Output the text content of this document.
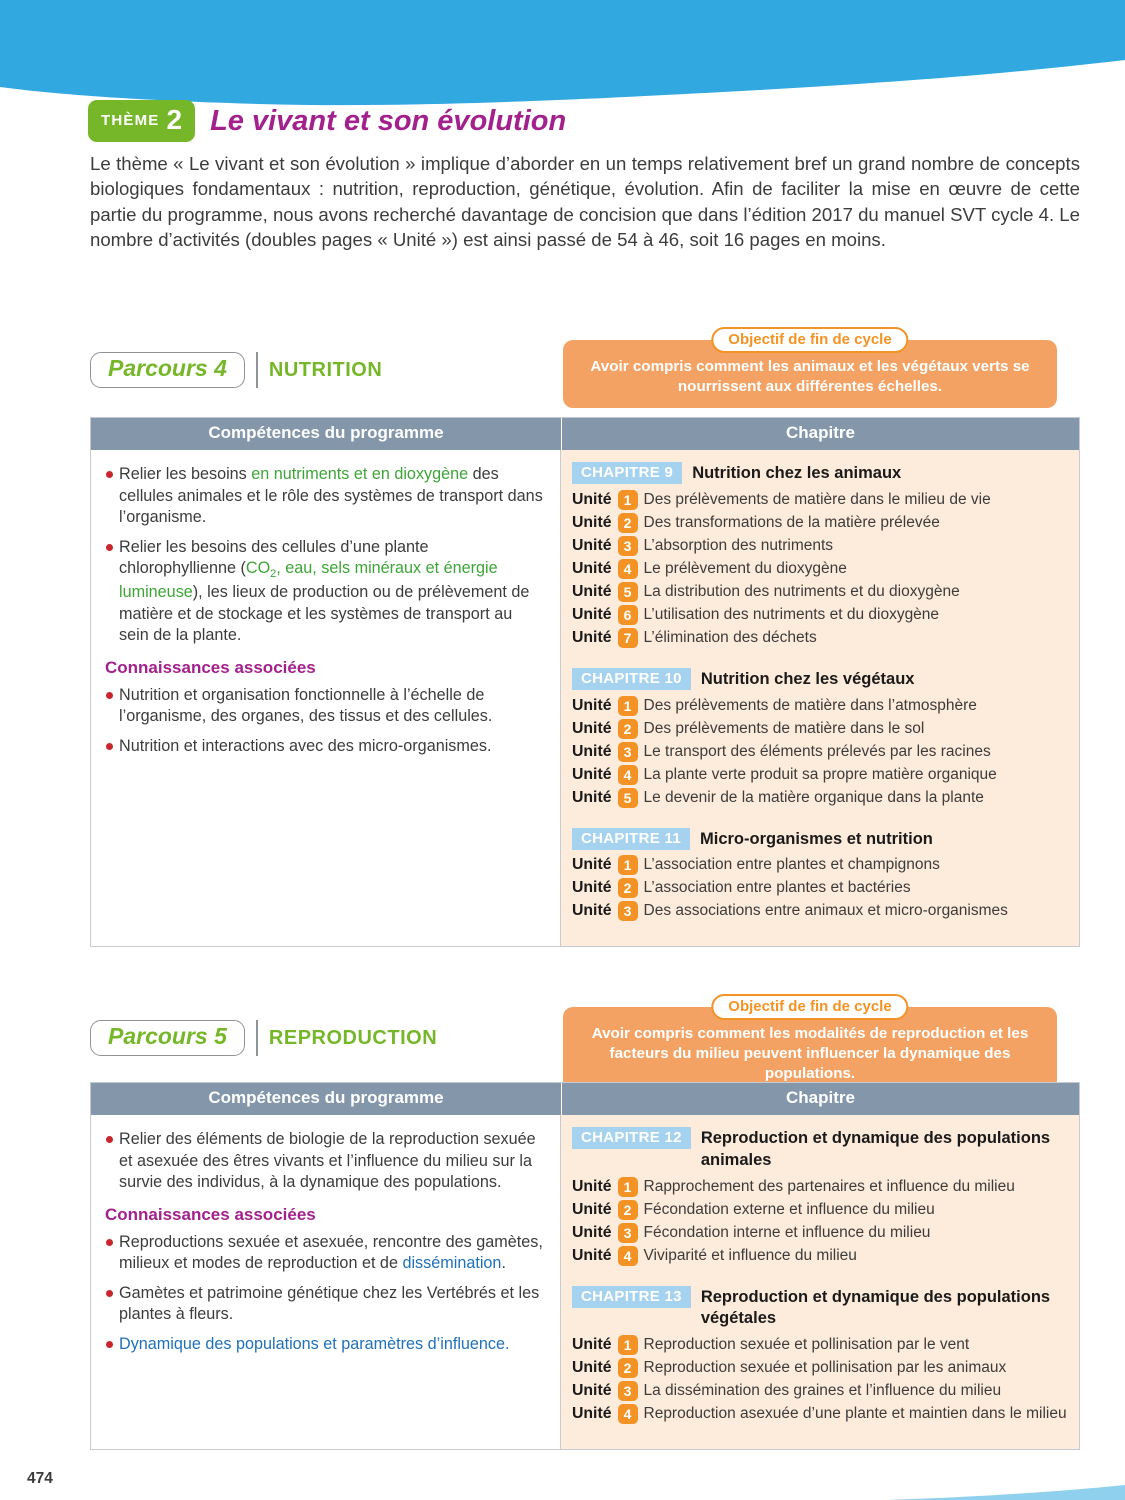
THÈME 2 Le vivant et son évolution

Le thème « Le vivant et son évolution » implique d’aborder en un temps relativement bref un grand nombre de concepts biologiques fondamentaux : nutrition, reproduction, génétique, évolution. Afin de faciliter la mise en œuvre de cette partie du programme, nous avons recherché davantage de concision que dans l’édition 2017 du manuel SVT cycle 4. Le nombre d’activités (doubles pages « Unité ») est ainsi passé de 54 à 46, soit 16 pages en moins.

Avoir compris comment les animaux et les végétaux verts se nourrissent aux différentes échelles.
Objectif de fin de cycle
Parcours 4	NUTRITION
Compétences du programme	Chapitre
Relier les besoins en nutriments et en dioxygène des cellules animales et le rôle des systèmes de transport dans l’organisme.
Relier les besoins des cellules d’une plante chlorophyllienne ($CO_2$, eau, sels minéraux et énergie lumineuse), les lieux de production ou de prélèvement de matière et de stockage et les systèmes de transport au sein de la plante.
Connaissances associées
Nutrition et organisation fonctionnelle à l’échelle de l’organisme, des organes, des tissus et des cellules.
Nutrition et interactions avec des micro-organismes.
CHAPITRE 9	Nutrition chez les animaux
Unité 1 Des prélèvements de matière dans le milieu de vie
Unité 2 Des transformations de la matière prélevée
Unité 3 L’absorption des nutriments
Unité 4 Le prélèvement du dioxygène
Unité 5 La distribution des nutriments et du dioxygène
Unité 6 L’utilisation des nutriments et du dioxygène
Unité 7 L’élimination des déchets
CHAPITRE 10	Nutrition chez les végétaux
Unité 1 Des prélèvements de matière dans l’atmosphère
Unité 2 Des prélèvements de matière dans le sol
Unité 3 Le transport des éléments prélevés par les racines
Unité 4 La plante verte produit sa propre matière organique
Unité 5 Le devenir de la matière organique dans la plante
CHAPITRE 11	Micro-organismes et nutrition
Unité 1 L’association entre plantes et champignons
Unité 2 L’association entre plantes et bactéries
Unité 3 Des associations entre animaux et micro-organismes
Avoir compris comment les modalités de reproduction et les facteurs du milieu peuvent influencer la dynamique des populations.
Objectif de fin de cycle
Parcours 5	REPRODUCTION
Compétences du programme	Chapitre
Relier des éléments de biologie de la reproduction sexuée et asexuée des êtres vivants et l’influence du milieu sur la survie des individus, à la dynamique des populations.
Connaissances associées
Reproductions sexuée et asexuée, rencontre des gamètes, milieux et modes de reproduction et de dissémination.
Gamètes et patrimoine génétique chez les Vertébrés et les plantes à fleurs.
Dynamique des populations et paramètres d’influence.
CHAPITRE 12	Reproduction et dynamique des populations animales
Unité 1 Rapprochement des partenaires et influence du milieu
Unité 2 Fécondation externe et influence du milieu
Unité 3 Fécondation interne et influence du milieu
Unité 4 Viviparité et influence du milieu
CHAPITRE 13	Reproduction et dynamique des populations végétales
Unité 1 Reproduction sexuée et pollinisation par le vent
Unité 2 Reproduction sexuée et pollinisation par les animaux
Unité 3 La dissémination des graines et l’influence du milieu
Unité 4 Reproduction asexuée d’une plante et maintien dans le milieu
474
